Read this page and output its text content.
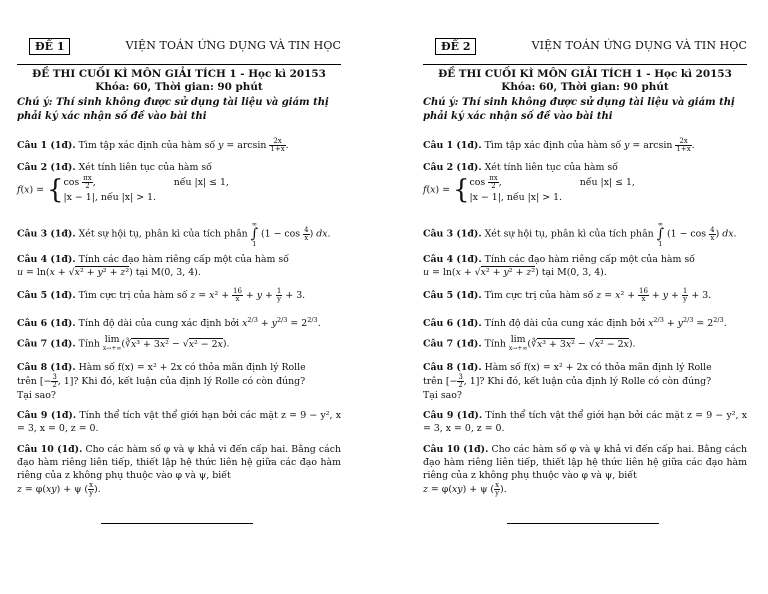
ĐỀ 1	VIỆN TOÁN ỨNG DỤNG VÀ TIN HỌC
ĐỀ THI CUỐI KÌ MÔN GIẢI TÍCH 1 - Học kì 20153
Khóa: 60, Thời gian: 90 phút
Chú ý: Thí sinh không được sử dụng tài liệu và giám thị phải ký xác nhận số đề vào bài thi
Câu 1 (1đ). Tìm tập xác định của hàm số $y = \arcsin \frac{2x}{1+x}$ .
Câu 2 (1đ). Xét tính liên tục của hàm số
$f(x) = \{\cos \frac{\pi x}{2}$ ,	nếu |x| ≤ 1,
|x − 1|, nếu |x| > 1.
Câu 3 (1đ). Xét sự hội tụ, phân kì của tích phân ∞
∫
1 ($1 - \cos \frac{4}{x}$ ) dx.
Câu 4 (1đ). Tính các đạo hàm riêng cấp một của hàm số
u = ln(x + √x² + y² + z²) tại M(0, 3, 4).
Câu 5 (1đ). Tìm cực trị của hàm số $z = x^2 + \frac{16}{x} + y + \frac{1}{y} + 3$.
Câu 6 (1đ). Tính độ dài của cung xác định bởi $x^{2/3} + y^{2/3} = 2^{2/3}$.
Câu 7 (1đ). Tính lim
x→+∞ (∛x³ + 3x² − √x² − 2x).
Câu 8 (1đ). Hàm số f(x) = x² + 2x có thỏa mãn định lý Rolle
trên [− $\frac{3}{2}$ , 1]? Khi đó, kết luận của định lý Rolle có còn đúng?
Tại sao?
Câu 9 (1đ). Tính thể tích vật thể giới hạn bởi các mặt z = 9 − y², x = 3, x = 0, z = 0.
Câu 10 (1đ). Cho các hàm số φ và ψ khả vi đến cấp hai. Bằng cách đạo hàm riêng liên tiếp, thiết lập hệ thức liên hệ giữa các đạo hàm riêng của z không phụ thuộc vào φ và ψ, biết
z = φ(xy) + ψ ( $\frac{x}{y}$ ).
ĐỀ 2	VIỆN TOÁN ỨNG DỤNG VÀ TIN HỌC
ĐỀ THI CUỐI KÌ MÔN GIẢI TÍCH 1 - Học kì 20153
Khóa: 60, Thời gian: 90 phút
Chú ý: Thí sinh không được sử dụng tài liệu và giám thị phải ký xác nhận số đề vào bài thi
Câu 1 (1đ). Tìm tập xác định của hàm số $y = \arcsin \frac{2x}{1+x}$ .
Câu 2 (1đ). Xét tính liên tục của hàm số
$f(x) = \{\cos \frac{\pi x}{2}$ ,	nếu |x| ≤ 1,
|x − 1|, nếu |x| > 1.
Câu 3 (1đ). Xét sự hội tụ, phân kì của tích phân ∞
∫
1 ($1 - \cos \frac{4}{x}$ ) dx.
Câu 4 (1đ). Tính các đạo hàm riêng cấp một của hàm số
u = ln(x + √x² + y² + z²) tại M(0, 3, 4).
Câu 5 (1đ). Tìm cực trị của hàm số $z = x^2 + \frac{16}{x} + y + \frac{1}{y} + 3$.
Câu 6 (1đ). Tính độ dài của cung xác định bởi $x^{2/3} + y^{2/3} = 2^{2/3}$.
Câu 7 (1đ). Tính lim
x→+∞ (∛x³ + 3x² − √x² − 2x).
Câu 8 (1đ). Hàm số f(x) = x² + 2x có thỏa mãn định lý Rolle
trên [− $\frac{3}{2}$ , 1]? Khi đó, kết luận của định lý Rolle có còn đúng?
Tại sao?
Câu 9 (1đ). Tính thể tích vật thể giới hạn bởi các mặt z = 9 − y², x = 3, x = 0, z = 0.
Câu 10 (1đ). Cho các hàm số φ và ψ khả vi đến cấp hai. Bằng cách đạo hàm riêng liên tiếp, thiết lập hệ thức liên hệ giữa các đạo hàm riêng của z không phụ thuộc vào φ và ψ, biết
z = φ(xy) + ψ ( $\frac{x}{y}$ ).
